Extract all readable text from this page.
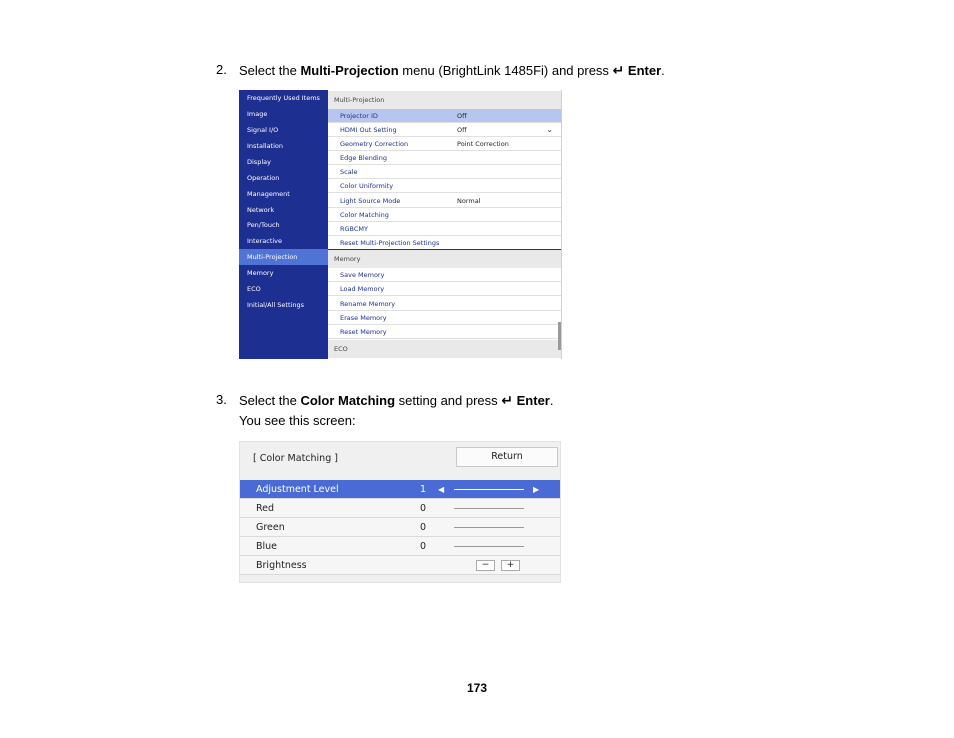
2. Select the Multi-Projection menu (BrightLink 1485Fi) and press ↵ Enter.
Frequently Used Items
Image
Signal I/O
Installation
Display
Operation
Management
Network
Pen/Touch
Interactive
Multi-Projection
Memory
ECO
Initial/All Settings
Multi-Projection
Projector ID	Off
HDMI Out Setting	Off	⌄
Geometry Correction	Point Correction
Edge Blending
Scale
Color Uniformity
Light Source Mode	Normal
Color Matching
RGBCMY
Reset Multi-Projection Settings
Memory
Save Memory
Load Memory
Rename Memory
Erase Memory
Reset Memory
ECO
3. Select the Color Matching setting and press ↵ Enter.
You see this screen:
[ Color Matching ]	Return
Adjustment Level	1 ◀	▶
Red	0
Green	0
Blue	0
Brightness	−	+
173
